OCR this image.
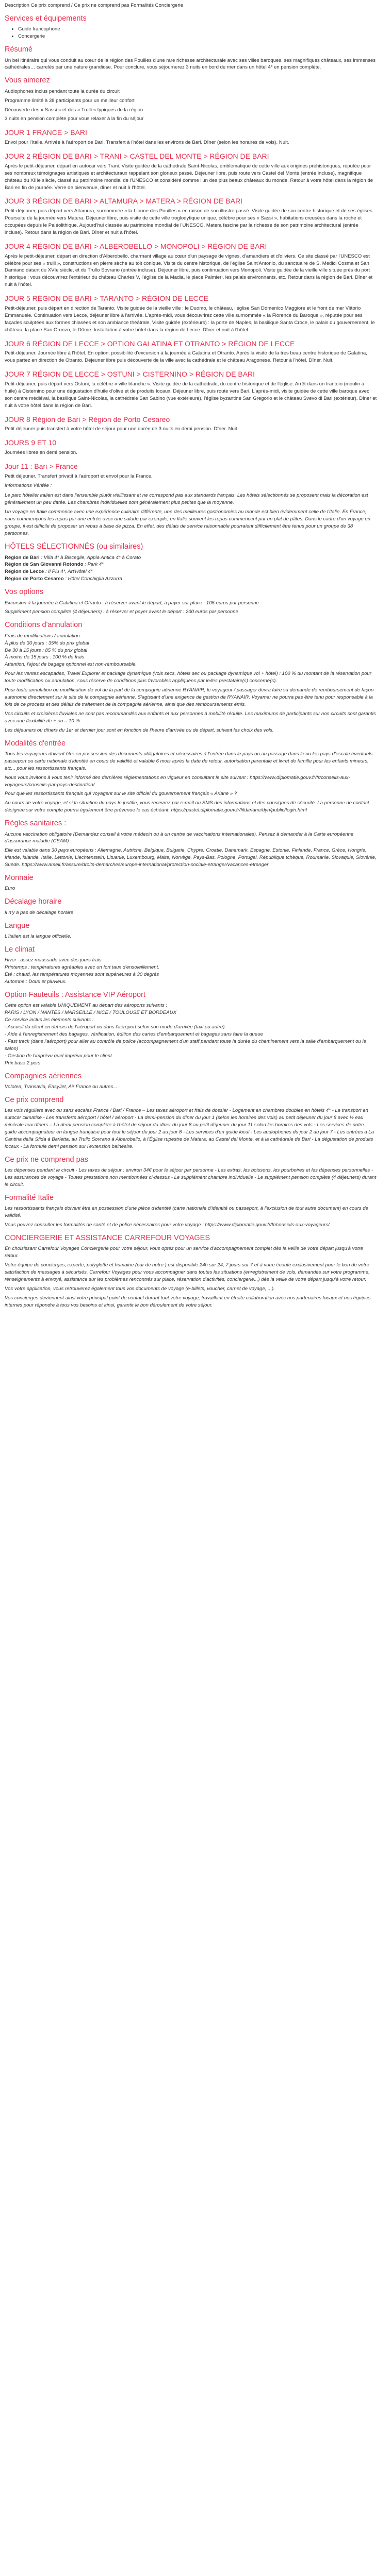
Description Ce prix comprend / Ce prix ne comprend pas Formalités Conciergerie

Services et équipements
• Guide francophone
• Concergerie
Résumé

Un bel itinéraire qui vous conduit au cœur de la région des Pouilles d'une rare richesse architecturale avec ses villes baroques, ses magnifiques châteaux, ses immenses cathédrales… carrelés par une nature grandiose. Pour conclure, vous séjournerez 3 nuits en bord de mer dans un hôtel 4* en pension complète.

Vous aimerez

Audiophones inclus pendant toute la durée du circuit

Programme limité à 38 participants pour un meilleur confort

Découverte des « Sassi » et des « Trulli » typiques de la région

3 nuits en pension complète pour vous relaxer à la fin du séjour

JOUR 1 FRANCE > BARI

Envol pour l'Italie. Arrivée à l'aéroport de Bari. Transfert à l'hôtel dans les environs de Bari. Dîner (selon les horaires de vols). Nuit.

JOUR 2 RÉGION DE BARI > TRANI > CASTEL DEL MONTE > RÉGION DE BARI

Après le petit-déjeuner, départ en autocar vers Trani. Visite guidée de la cathédrale Saint-Nicolas, emblématique de cette ville aux origines préhistoriques, réputée pour ses nombreux témoignages artistiques et architecturaux rappelant son glorieux passé. Déjeuner libre, puis route vers Castel del Monte (entrée incluse), magnifique château du XIIIe siècle, classé au patrimoine mondial de l'UNESCO et considéré comme l'un des plus beaux châteaux du monde. Retour à votre hôtel dans la région de Bari en fin de journée. Verre de bienvenue, dîner et nuit à l'hôtel.

JOUR 3 RÉGION DE BARI > ALTAMURA > MATERA > RÉGION DE BARI

Petit-déjeuner, puis départ vers Altamura, surnommée « la Lionne des Pouilles » en raison de son illustre passé. Visite guidée de son centre historique et de ses églises. Poursuite de la journée vers Matera. Déjeuner libre, puis visite de cette ville troglodytique unique, célèbre pour ses « Sassi », habitations creusées dans la roche et occupées depuis le Paléolithique. Aujourd'hui classée au patrimoine mondial de l'UNESCO, Matera fascine par la richesse de son patrimoine architectural (entrée incluse). Retour dans la région de Bari. Dîner et nuit à l'hôtel.

JOUR 4 RÉGION DE BARI > ALBEROBELLO > MONOPOLI > RÉGION DE BARI

Après le petit-déjeuner, départ en direction d'Alberobello, charmant village au cœur d'un paysage de vignes, d'amandiers et d'oliviers. Ce site classé par l'UNESCO est célèbre pour ses « trulli », constructions en pierre sèche au toit conique. Visite du centre historique, de l'église Saint'Antonio, du sanctuaire de S. Medici Cosma et San Damiano datant du XVIe siècle, et du Trullo Sovrano (entrée incluse). Déjeuner libre, puis continuation vers Monopoli. Visite guidée de la vieille ville située près du port historique : vous découvrirez l'extérieur du château Charles V, l'église de la Madia, le place Palmieri, les palais environnants, etc. Retour dans la région de Bari. Dîner et nuit à l'hôtel.

JOUR 5 RÉGION DE BARI > TARANTO > RÉGION DE LECCE

Petit-déjeuner, puis départ en direction de Taranto. Visite guidée de la vieille ville : le Duomo, le château, l'église San Domenico Maggiore et le front de mer Vittorio Emmanuele. Continuation vers Lecce, déjeuner libre à l'arrivée. L'après-midi, vous découvrirez cette ville surnommée « la Florence du Baroque », réputée pour ses façades sculptées aux formes chiasées et son ambiance théâtrale. Visite guidée (extérieurs) : la porte de Naples, la basilique Santa Croce, le palais du gouvernement, le château, la place San Oronzo, le Dôme. Installation à votre hôtel dans la région de Lecce. Dîner et nuit à l'hôtel.

JOUR 6 RÉGION DE LECCE > OPTION GALATINA ET OTRANTO > RÉGION DE LECCE

Petit-déjeuner. Journée libre à l'hôtel. En option, possibilité d'excursion à la journée à Galatina et Otranto. Après la visite de la très beau centre historique de Galatina, vous partez en direction de Otranto. Déjeuner libre puis découverte de la ville avec la cathédrale et le château Aragonese. Retour à l'hôtel. Dîner. Nuit.

JOUR 7 RÉGION DE LECCE > OSTUNI > CISTERNINO > RÉGION DE BARI

Petit-déjeuner, puis départ vers Ostuni, la célèbre « ville blanche ». Visite guidée de la cathédrale, du centre historique et de l'église. Arrêt dans un frantoio (moulin à huile) à Cisternino pour une dégustation d'huile d'olive et de produits locaux. Déjeuner libre, puis route vers Bari. L'après-midi, visite guidée de cette ville baroque avec son centre médiéval, la basilique Saint-Nicolas, la cathédrale San Sabino (vue extérieure), l'église byzantine San Gregorio et le château Svevo di Bari (extérieur). Dîner et nuit à votre hôtel dans la région de Bari.

JOUR 8 Région de Bari > Région de Porto Cesareo

Petit déjeuner puis transfert à votre hôtel de séjour pour une durée de 3 nuits en demi pension. Dîner. Nuit.

JOURS 9 ET 10

Journées libres en demi pension.

Jour 11 : Bari > France

Petit déjeuner. Transfert privatif à l'aéroport et envol pour la France.

Informations Vérifée :

Le parc hôtelier italien est dans l'ensemble plutôt vieillissant et ne correspond pas aux standards français. Les hôtels sélectionnés se proposent mais la décoration est généralement un peu datée. Les chambres individuelles sont généralement plus petites que la moyenne.

Un voyage en Italie commence avec une expérience culinaire différente, une des meilleures gastronomies au monde est bien évidemment celle de l'Italie. En France, nous commençons les repas par une entrée avec une salade par exemple, en Italie souvent les repas commencent par un plat de pâtes. Dans le cadre d'un voyage en groupe, il est difficile de proposer un repas à base de pizza. En effet, des délais de service raisonnable pourraient difficilement être tenus pour un groupe de 38 personnes.

HÔTELS SÉLECTIONNÉS (ou similaires)

Région de Bari : Villa 4* à Bisceglie, Appia Antica 4* à Corato

Région de San Giovanni Rotondo : Park 4*

Région de Lecce : Il Piu 4*, Art'Hôtel 4*

Région de Porto Cesareo : Hôtel Conchiglia Azzurra

Vos options

Excursion à la journée à Galatina et Otranto : à réserver avant le départ, à payer sur place : 105 euros par personne

Supplément pension complète (4 déjeuners) : à réserver et payer avant le départ : 200 euros par personne

Conditions d'annulation

Frais de modifications / annulation :

À plus de 30 jours : 35% du prix global

De 30 à 15 jours : 85 % du prix global

À moins de 15 jours : 100 % de frais

Attention, l'ajout de bagage optionnel est non-remboursable.

Pour les ventes escapades, Travel Explorer et package dynamique (vols secs, hôtels sec ou package dynamique vol + hôtel) : 100 % du montant de la réservation pour toute modification ou annulation, sous réserve de conditions plus favorables appliquées par le/les prestataire(s) concerné(s).

Pour toute annulation ou modification de vol de la part de la compagnie aérienne RYANAIR, le voyageur / passager devra faire sa demande de remboursement de façon autonome directement sur le site de la compagnie aérienne. S'agissant d'une exigence de gestion de RYANAIR, Voyamar ne pourra pas être tenu pour responsable à la fois de ce process et des délais de traitement de la compagnie aérienne, ainsi que des remboursements émis.

Vos circuits et croisières fluviales ne sont pas recommandés aux enfants et aux personnes à mobilité réduite. Les maximums de participants sur nos circuits sont garantis avec une flexibilité de + ou – 10 %.

Les déjeuners ou dîners du 1er et dernier jour sont en fonction de l'heure d'arrivée ou de départ, suivant les choix des vols.

Modalités d'entrée

Tous les voyageurs doivent être en possession des documents obligatoires et nécessaires à l'entrée dans le pays ou au passage dans le ou les pays d'escale éventuels : passeport ou carte nationale d'identité en cours de validité et valable 6 mois après la date de retour, autorisation parentale et livret de famille pour les enfants mineurs, etc... pour les ressortissants français.

Nous vous invitons à vous tenir informé des dernières réglementations en vigueur en consultant le site suivant : https://www.diplomatie.gouv.fr/fr/conseils-aux-voyageurs/conseils-par-pays-destination/

Pour que les ressortissants français qui voyagent sur le site officiel du gouvernement français « Ariane » ?

Au cours de votre voyage, et si la situation du pays le justifie, vous recevrez par e-mail ou SMS des informations et des consignes de sécurité. La personne de contact désignée sur votre compte pourra également être prévenue le cas échéant. https://pastel.diplomatie.gouv.fr/fildariane/dyn/public/login.html

Règles sanitaires :

Aucune vaccination obligatoire (Demandez conseil à votre médecin ou à un centre de vaccinations internationales). Pensez à demander à la Carte européenne d'assurance maladie (CEAM) :

Elle est valable dans 30 pays européens : Allemagne, Autriche, Belgique, Bulgarie, Chypre, Croatie, Danemark, Espagne, Estonie, Finlande, France, Grèce, Hongrie, Irlande, Islande, Italie, Lettonie, Liechtenstein, Lituanie, Luxembourg, Malte, Norvège, Pays-Bas, Pologne, Portugal, République tchèque, Roumanie, Slovaquie, Slovénie, Suède. https://www.ameli.fr/assure/droits-demarches/europe-international/protection-sociale-etranger/vacances-etranger

Monnaie

Euro

Décalage horaire

Il n'y a pas de décalage horaire

Langue

L'italien est la langue officielle.

Le climat

Hiver : assez maussade avec des jours frais.

Printemps : températures agréables avec un fort taux d'ensoleillement.

Été : chaud, les températures moyennes sont supérieures à 30 degrés

Automne : Doux et pluvieux.

Option Fauteuils : Assistance VIP Aéroport

Cette option est valable UNIQUEMENT au départ des aéroports suivants :

PARIS / LYON / NANTES / MARSEILLE / NICE / TOULOUSE ET BORDEAUX

Ce service inclus les éléments suivants :

- Accueil du client en dehors de l'aéroport ou dans l'aéroport selon son mode d'arrivée (taxi ou autre).

- Aide à l'enregistrement des bagages, vérification, édition des cartes d'embarquement et bagages sans faire la queue

- Fast track (dans l'aéroport) pour aller au contrôle de police (accompagnement d'un staff pendant toute la durée du cheminement vers la salle d'embarquement ou le salon)

- Gestion de l'imprévu quel imprévu pour le client

Prix base 2 pers

Compagnies aériennes

Volotea, Transavia, EasyJet, Air France ou autres...

Ce prix comprend

Les vols réguliers avec ou sans escales France / Bari / France – Les taxes aéroport et frais de dossier - Logement en chambres doubles en hôtels 4* - Le transport en autocar climatisé - Les transferts aéroport / hôtel / aéroport - La demi-pension du dîner du jour 1 (selon les horaires des vols) au petit déjeuner du jour 8 avec ½ eau minérale aux dîners – La demi pension complète à l'hôtel de séjour du dîner du jour 8 au petit déjeuner du jour 11 selon les horaires des vols - Les services de notre guide accompagnateur en langue française pour tout le séjour du jour 2 au jour 8 - Les services d'un guide local - Les audiophones du jour 2 au jour 7 - Les entrées à La Cantina della Sfida à Barletta, au Trullo Sovrano à Alberobello, à l'Église rupestre de Matera, au Castel del Monte, et à la cathédrale de Bari - La dégustation de produits locaux - La formule demi pension sur l'extension balnéaire.

Ce prix ne comprend pas

Les dépenses pendant le circuit - Les taxes de séjour : environ 34€ pour le séjour par personne - Les extras, les boissons, les pourboires et les dépenses personnelles - Les assurances de voyage - Toutes prestations non mentionnées ci-dessus - Le supplément chambre individuelle - Le supplément pension complète (4 déjeuners) durant le circuit.

Formalité Italie

Les ressortissants français doivent être en possession d'une pièce d'identité (carte nationale d'identité ou passeport, à l'exclusion de tout autre document) en cours de validité.

Vous pouvez consulter les formalités de santé et de police nécessaires pour votre voyage : https://www.diplomatie.gouv.fr/fr/conseils-aux-voyageurs/

CONCIERGERIE ET ASSISTANCE CARREFOUR VOYAGES

En choisissant Carrefour Voyages Conciergerie pour votre séjour, vous optez pour un service d'accompagnement complet dès la veille de votre départ jusqu'à votre retour.

Votre équipe de concierges, experte, polyglotte et humaine (par de notre ) est disponible 24h sur 24, 7 jours sur 7 et à votre écoute exclusivement pour le bon de votre satisfaction de messages à sécurisés. Carrefour Voyages pour vous accompagner dans toutes les situations (enregistrement de vols, demandes sur votre programme, renseignements à envoyé, assistance sur les problèmes rencontrés sur place, réservation d'activités, conciergerie...) dès la veille de votre départ jusqu'à votre retour.

Vos votre application, vous retrouverez également tous vos documents de voyage (e-billets, voucher, carnet de voyage, ...).

Vos concierges deviennent ainsi votre principal point de contact durant tout votre voyage, travaillant en étroite collaboration avec nos partenaires locaux et nos équipes internes pour répondre à tous vos besoins et ainsi, garantir le bon déroulement de votre séjour.
